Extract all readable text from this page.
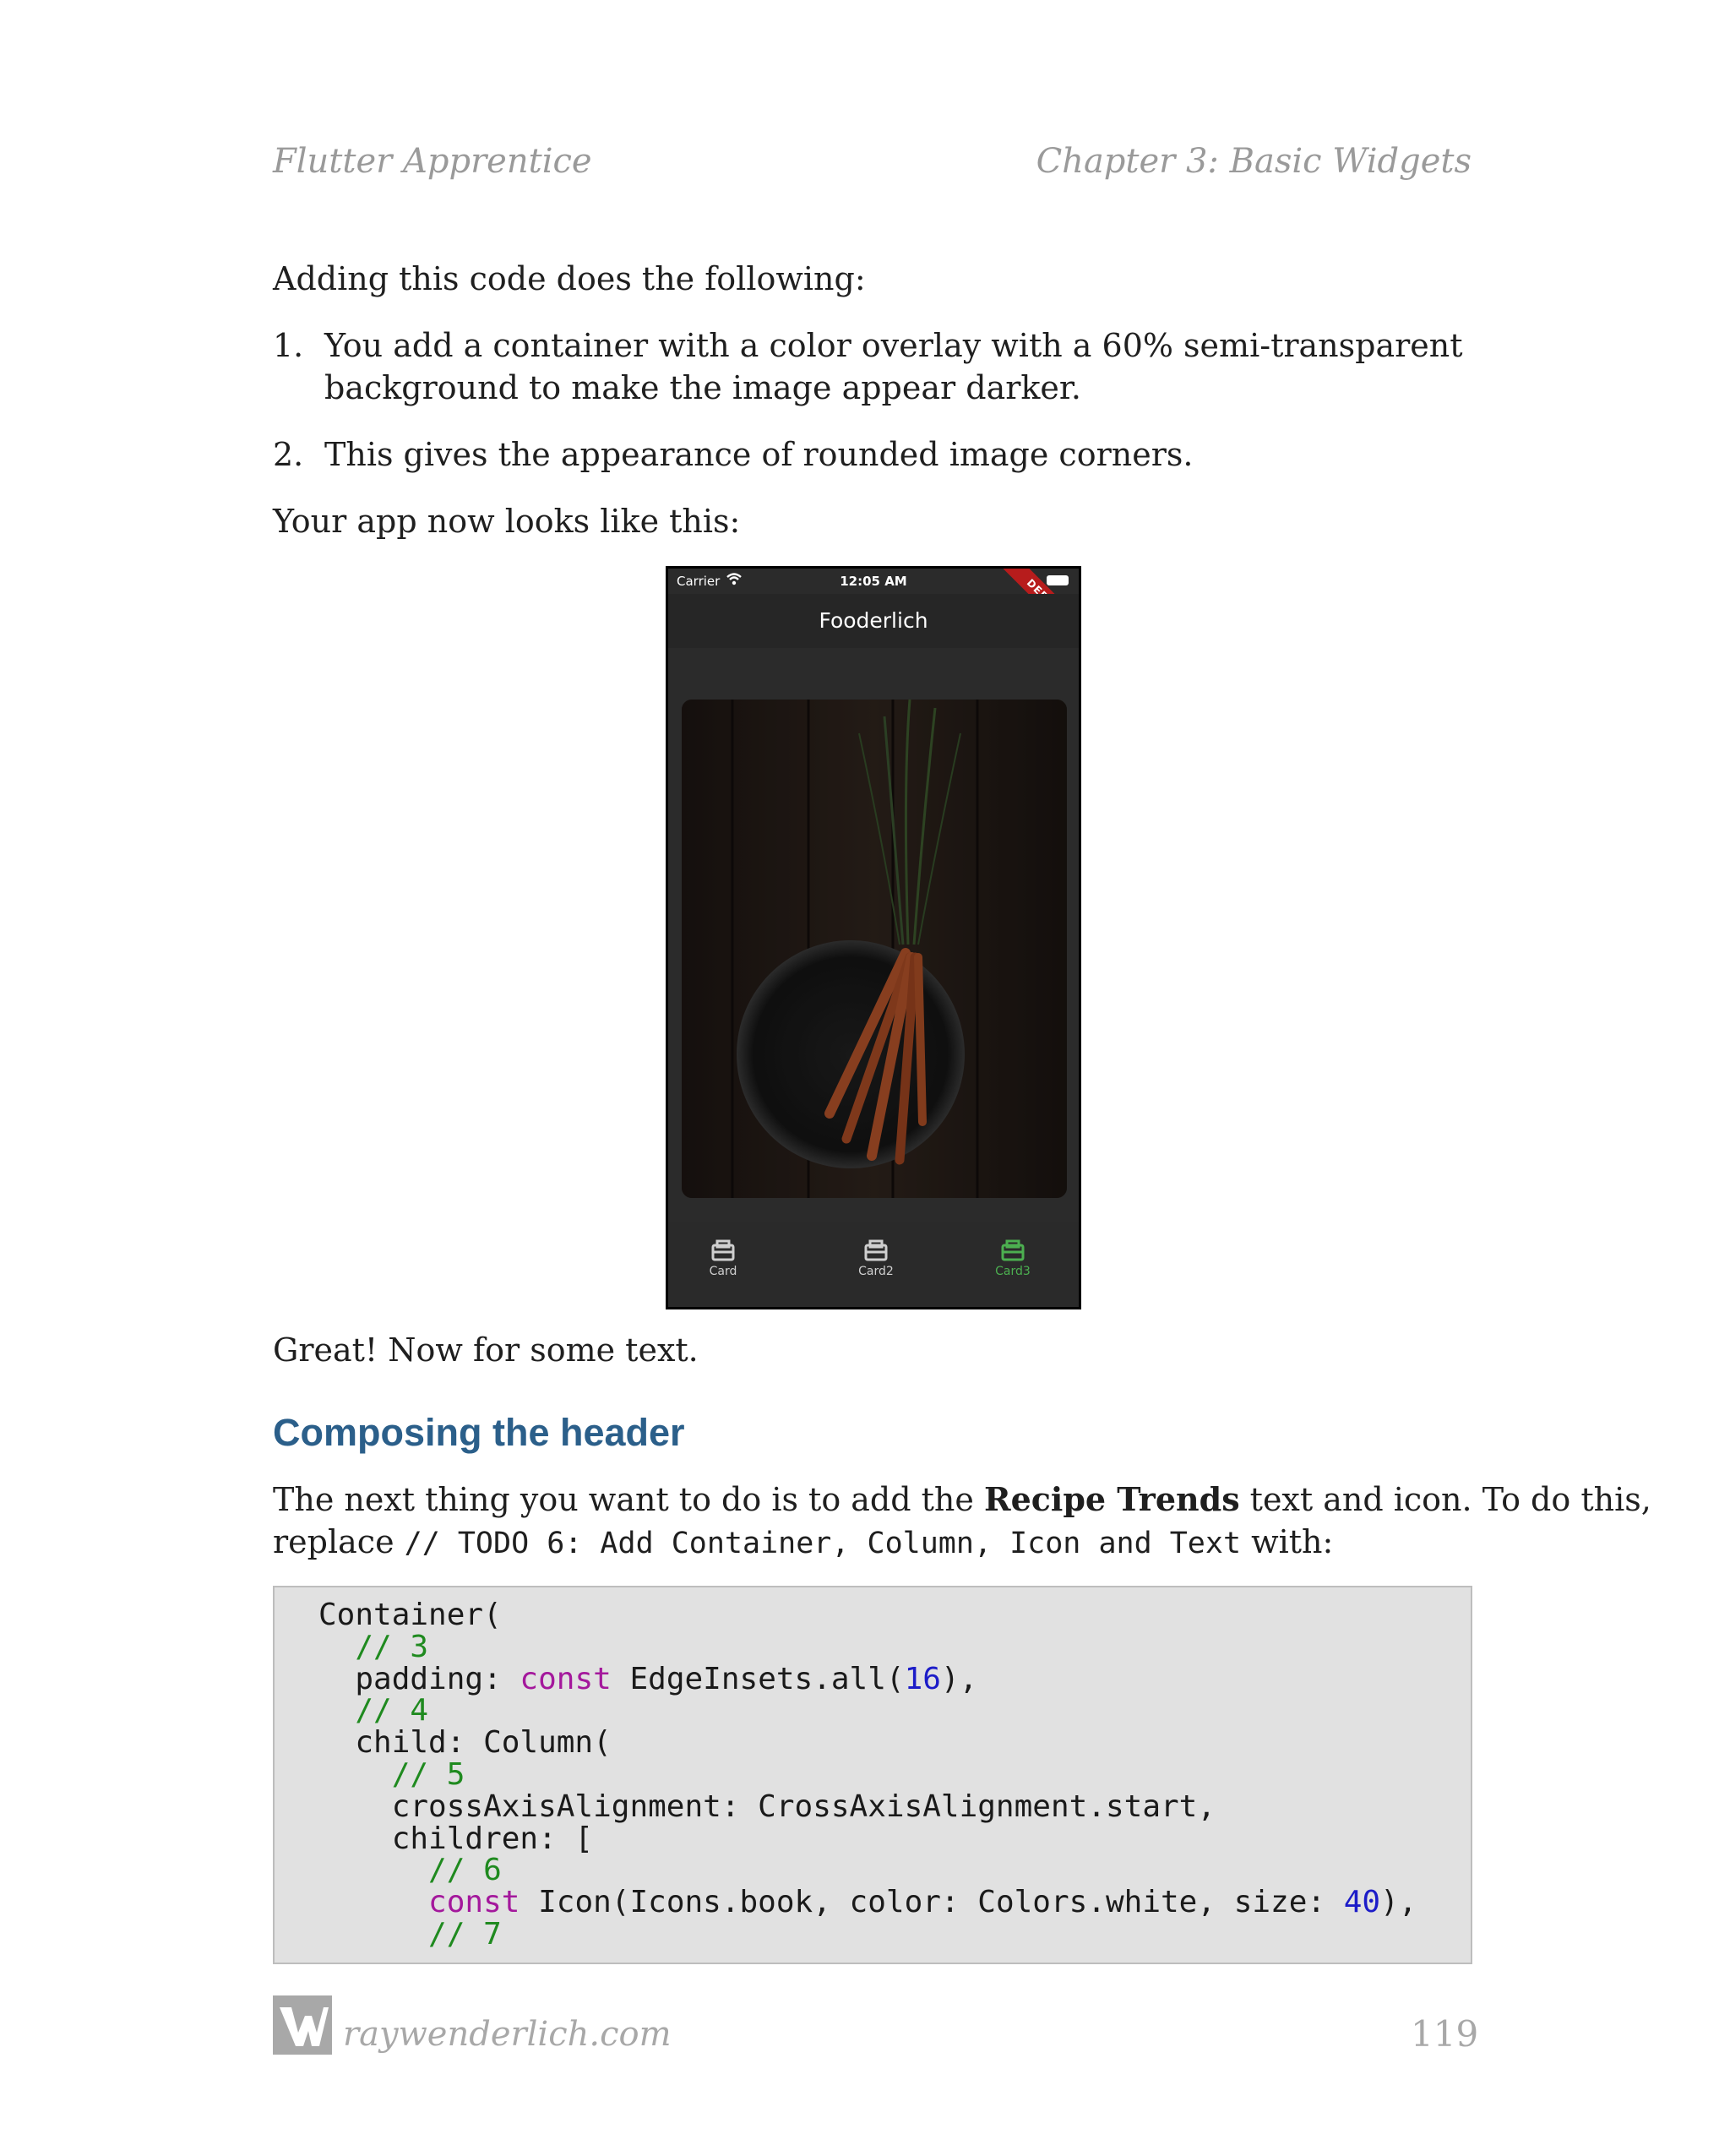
Flutter Apprentice	Chapter 3: Basic Widgets
Adding this code does the following:
1. You add a container with a color overlay with a 60% semi-transparent
background to make the image appear darker.
2. This gives the appearance of rounded image corners.
Your app now looks like this:
Carrier	12:05 AM
Fooderlich
Card	Card2	Card3
Great! Now for some text.
Composing the header
The next thing you want to do is to add the Recipe Trends text and icon. To do this,
replace // TODO 6: Add Container, Column, Icon and Text with:
Container(
// 3
padding: const EdgeInsets.all(16),
// 4
child: Column(
// 5
crossAxisAlignment: CrossAxisAlignment.start,
children: [
// 6
const Icon(Icons.book, color: Colors.white, size: 40),
// 7
raywenderlich.com	119
